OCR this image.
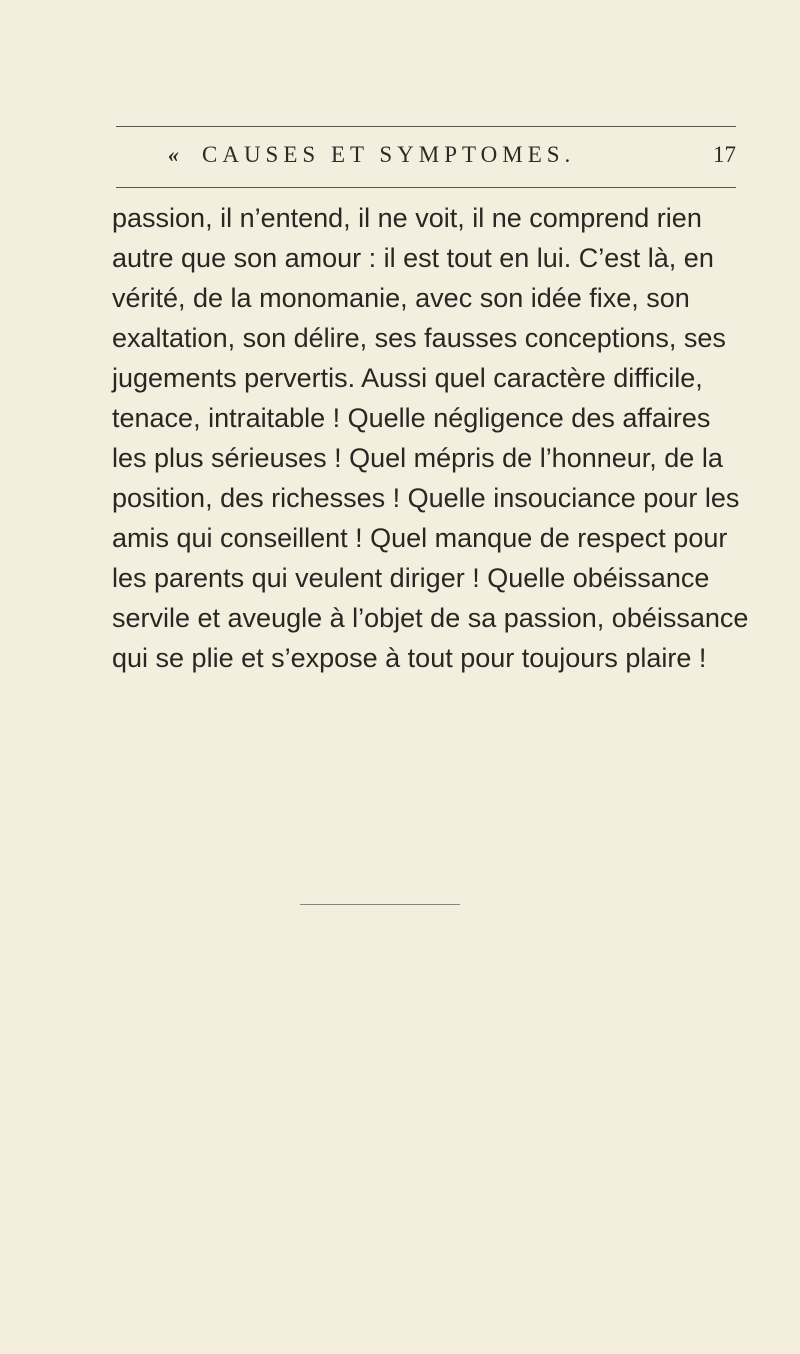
« CAUSES ET SYMPTOMES.	17
passion, il n’entend, il ne voit, il ne comprend rien
autre que son amour : il est tout en lui. C’est là, en
vérité, de la monomanie, avec son idée fixe, son
exaltation, son délire, ses fausses conceptions, ses
jugements pervertis. Aussi quel caractère difficile,
tenace, intraitable ! Quelle négligence des affaires
les plus sérieuses ! Quel mépris de l’honneur, de la
position, des richesses ! Quelle insouciance pour les
amis qui conseillent ! Quel manque de respect pour
les parents qui veulent diriger ! Quelle obéissance
servile et aveugle à l’objet de sa passion, obéissance
qui se plie et s’expose à tout pour toujours plaire !
